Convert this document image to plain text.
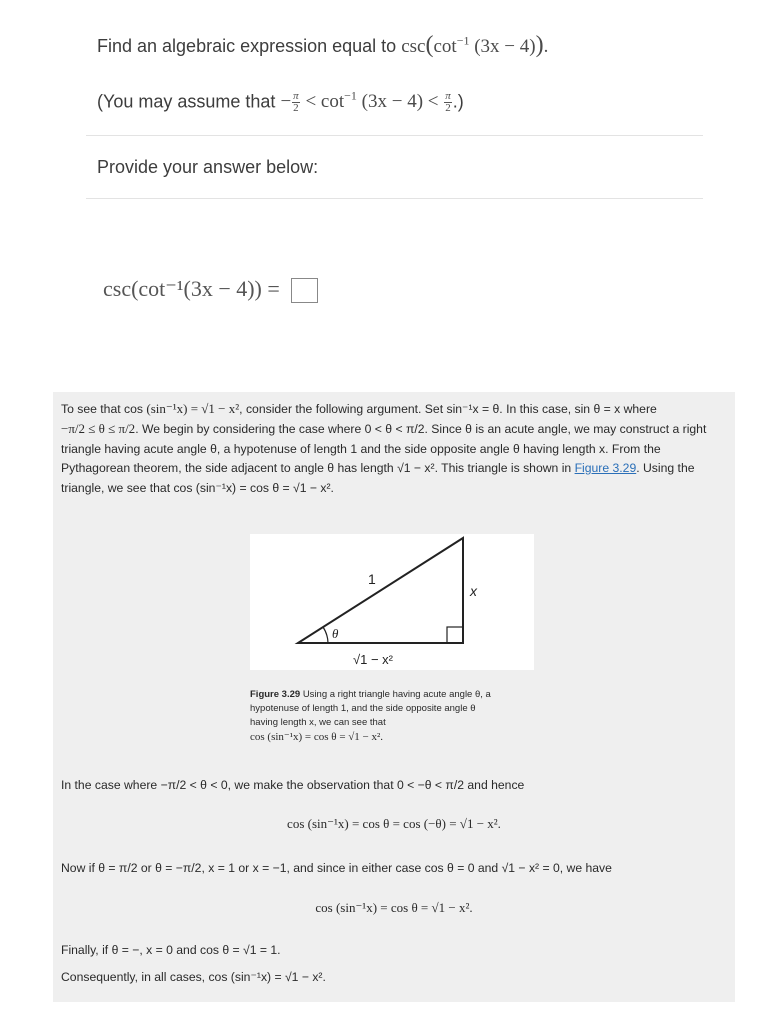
Find an algebraic expression equal to $\csc(\cot^{-1}$ (3x − 4)).
(You may assume that − $\frac{\pi}{2} < \cot^{-1} (3x - 4) < \frac{\pi}{2}$ .)
Provide your answer below:
csc(cot⁻¹(3x − 4)) =
To see that cos (sin⁻¹x) = √1 − x², consider the following argument. Set sin⁻¹x = θ. In this case, sin θ = x where
−π/2 ≤ θ ≤ π/2. We begin by considering the case where 0 < θ < π/2. Since θ is an acute angle, we may construct a right
triangle having acute angle θ, a hypotenuse of length 1 and the side opposite angle θ having length x. From the
Pythagorean theorem, the side adjacent to angle θ has length √1 − x². This triangle is shown in Figure 3.29. Using the
triangle, we see that cos (sin⁻¹x) = cos θ = √1 − x².
1
x
θ
√1 − x²
Figure 3.29 Using a right triangle having acute angle θ, a
hypotenuse of length 1, and the side opposite angle θ
having length x, we can see that
cos (sin⁻¹x) = cos θ = √1 − x².
In the case where −π/2 < θ < 0, we make the observation that 0 < −θ < π/2 and hence
cos (sin⁻¹x) = cos θ = cos (−θ) = √1 − x².
Now if θ = π/2 or θ = −π/2, x = 1 or x = −1, and since in either case cos θ = 0 and √1 − x² = 0, we have
cos (sin⁻¹x) = cos θ = √1 − x².
Finally, if θ = −, x = 0 and cos θ = √1 = 1.
Consequently, in all cases, cos (sin⁻¹x) = √1 − x².
